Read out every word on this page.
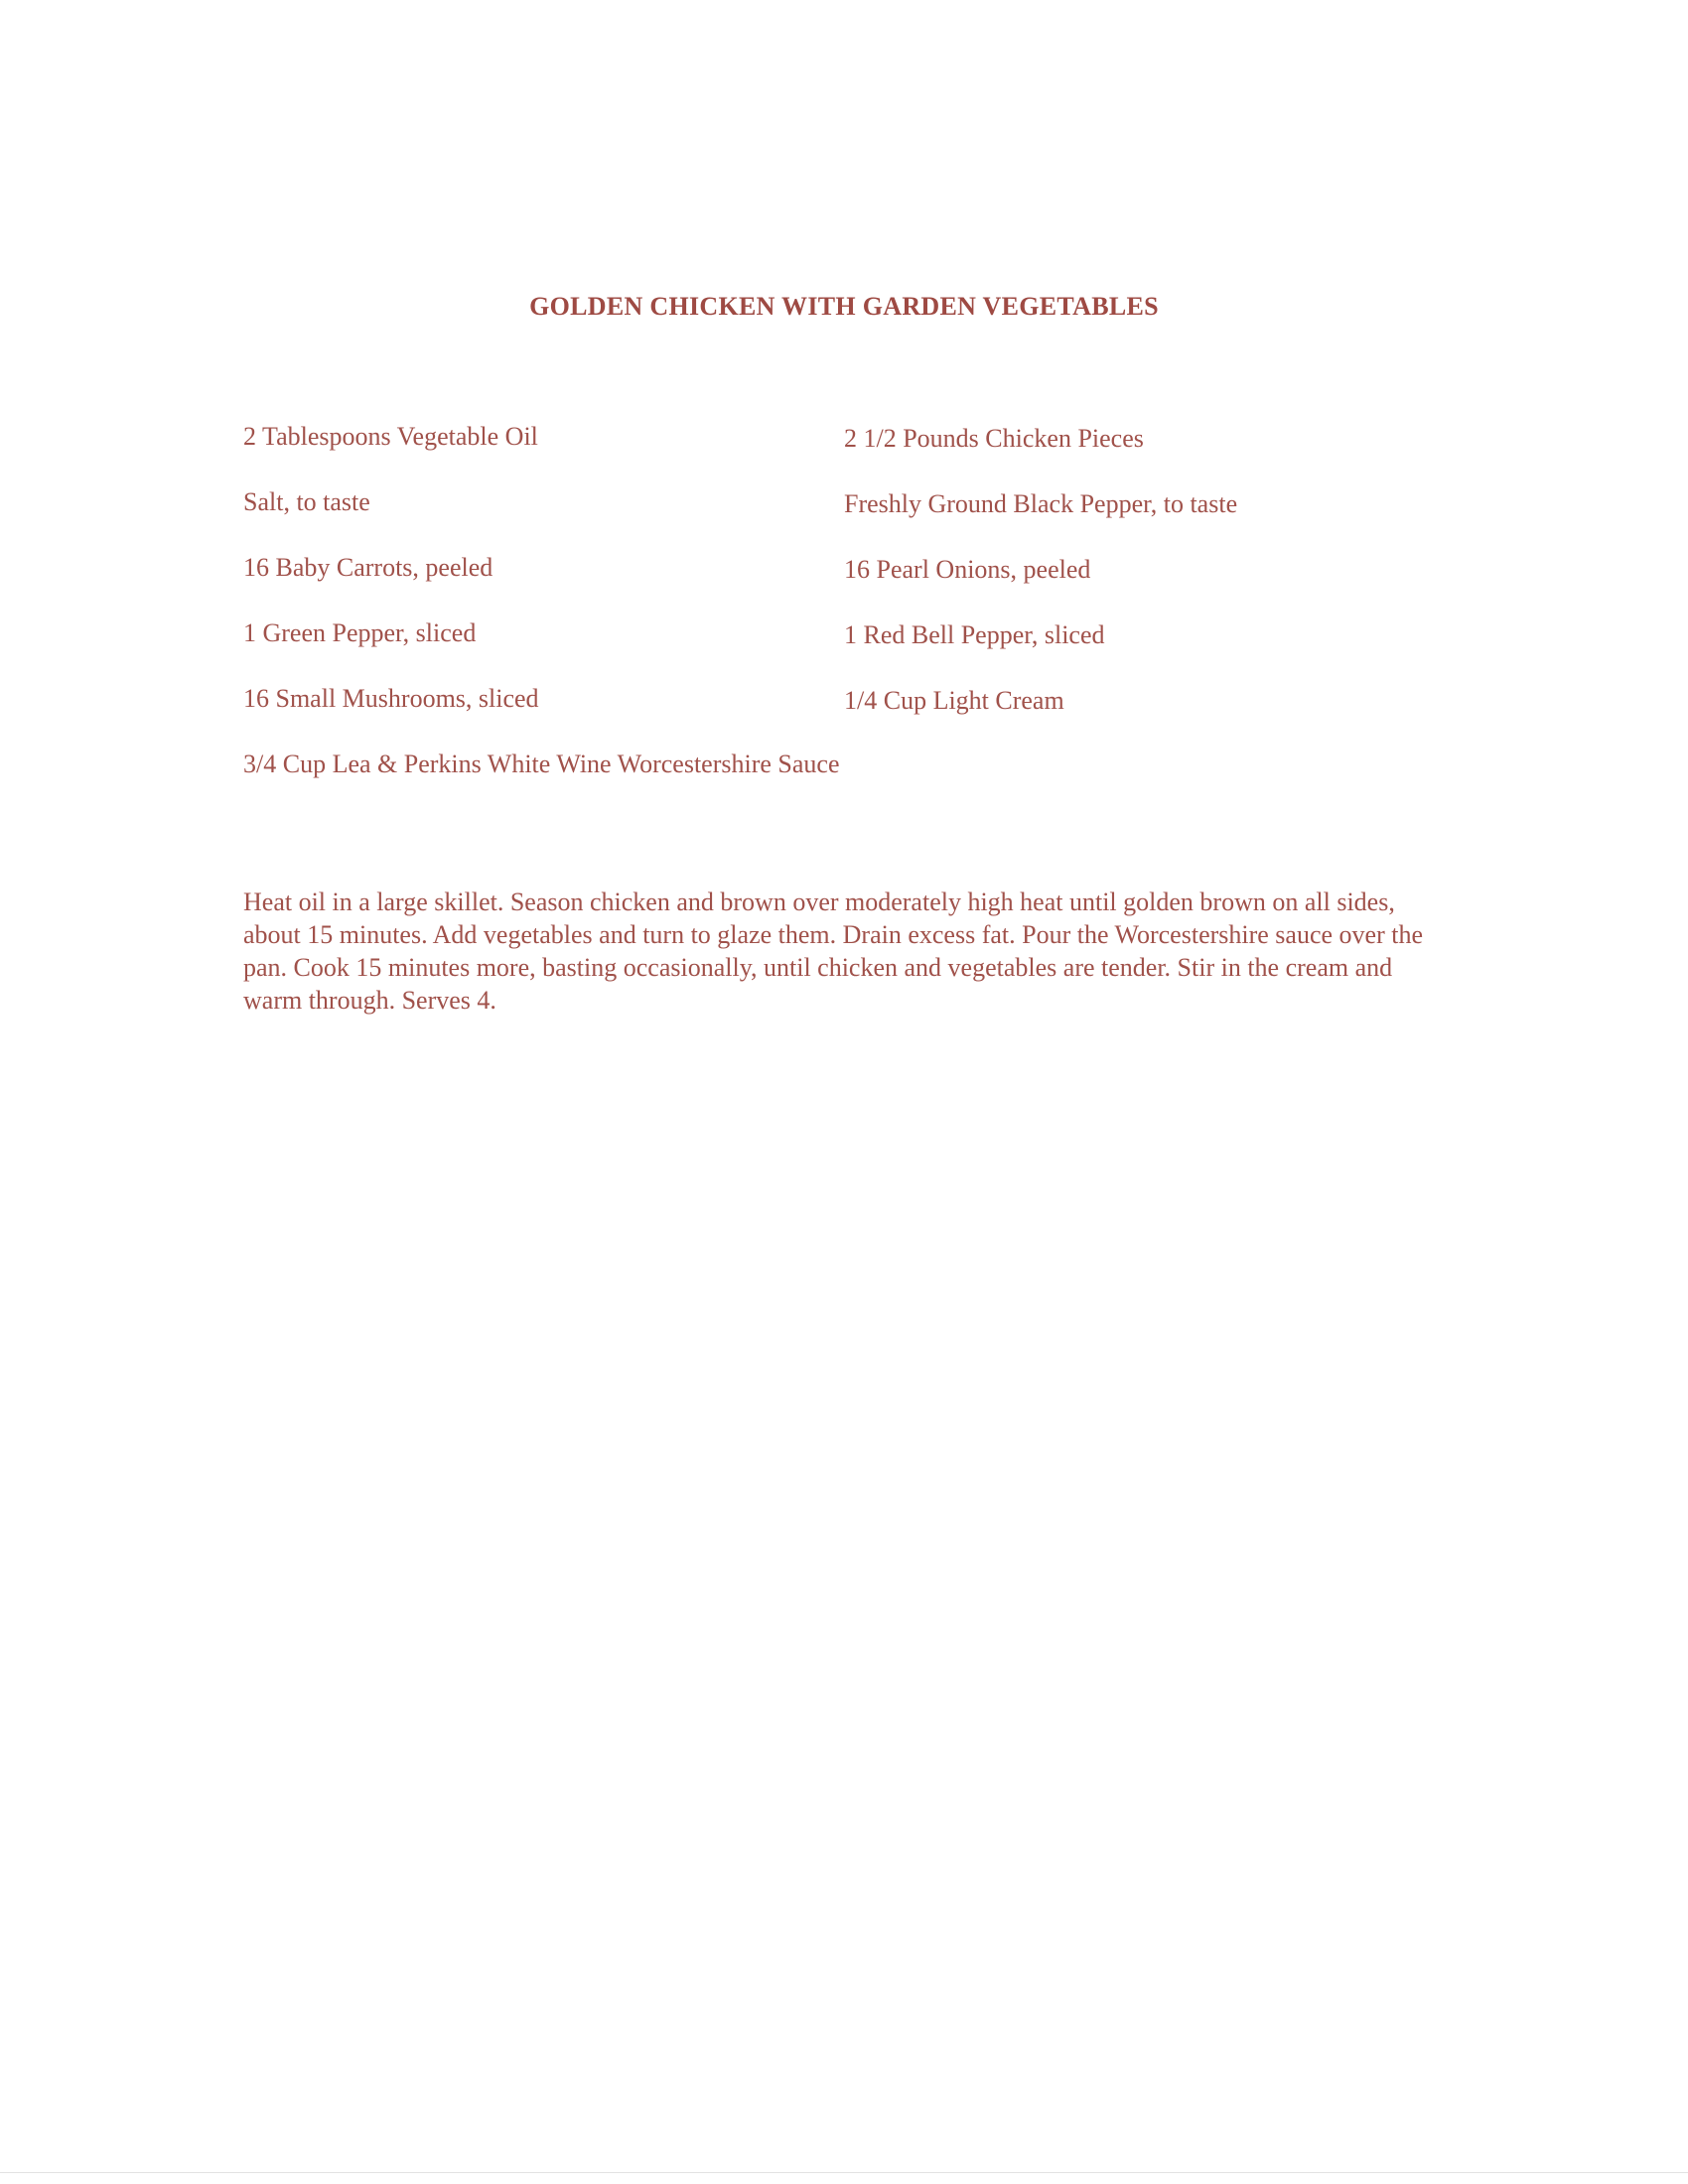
GOLDEN CHICKEN WITH GARDEN VEGETABLES
2 Tablespoons Vegetable Oil	2 1/2 Pounds Chicken Pieces
Salt, to taste	Freshly Ground Black Pepper, to taste
16 Baby Carrots, peeled	16 Pearl Onions, peeled
1 Green Pepper, sliced	1 Red Bell Pepper, sliced
16 Small Mushrooms, sliced	1/4 Cup Light Cream
3/4 Cup Lea & Perkins White Wine Worcestershire Sauce

Heat oil in a large skillet. Season chicken and brown over moderately high heat until golden brown on all sides, about 15 minutes. Add vegetables and turn to glaze them. Drain excess fat. Pour the Worcestershire sauce over the pan. Cook 15 minutes more, basting occasionally, until chicken and vegetables are tender. Stir in the cream and warm through. Serves 4.
